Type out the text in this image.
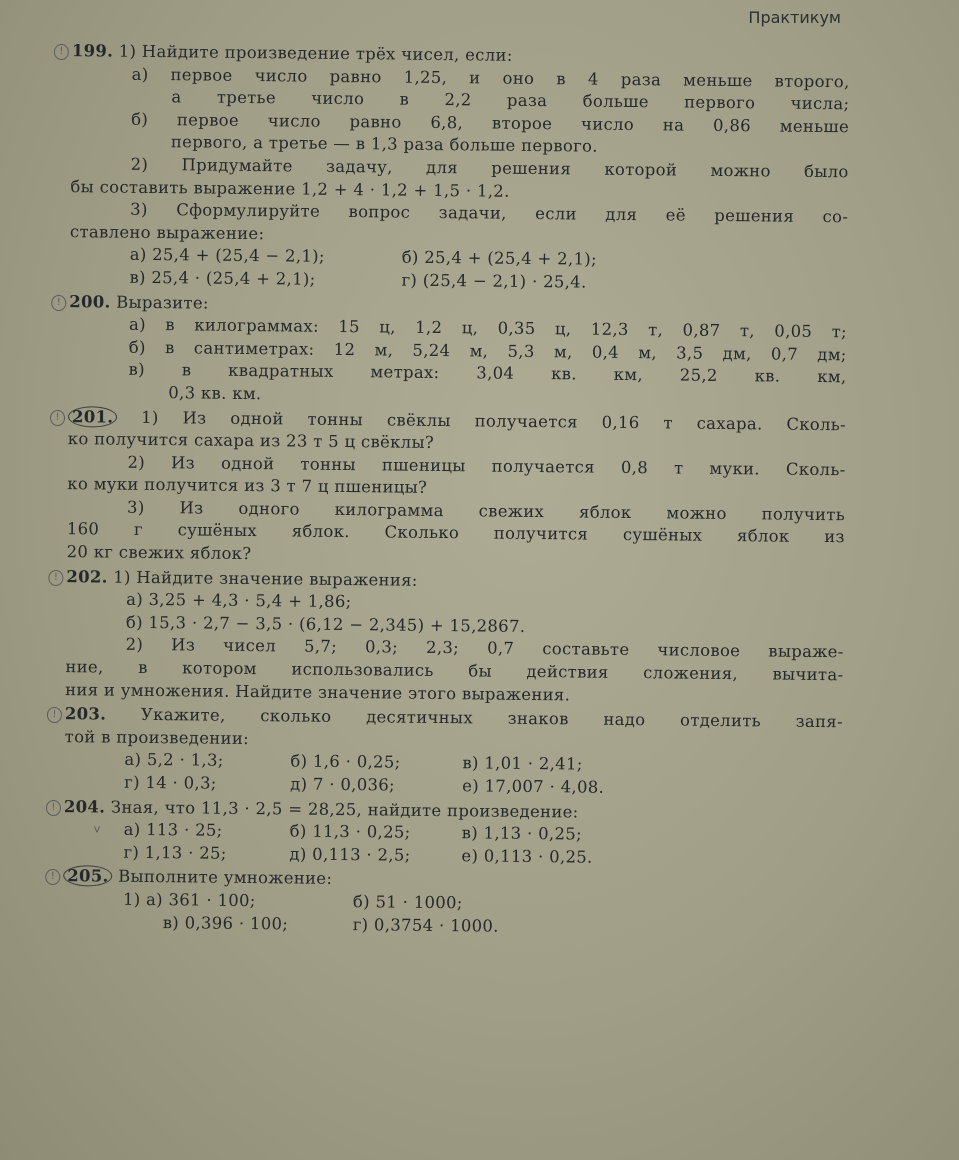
Практикум
! 199. 1) Найдите произведение трёх чисел, если:
а) первое число равно 1,25, и оно в 4 раза меньше второго,
а третье число в 2,2 раза больше первого числа;
б) первое число равно 6,8, второе число на 0,86 меньше
первого, а третье — в 1,3 раза больше первого.
2) Придумайте задачу, для решения которой можно было
бы составить выражение 1,2 + 4 · 1,2 + 1,5 · 1,2.
3) Сформулируйте вопрос задачи, если для её решения со-
ставлено выражение:
а) 25,4 + (25,4 − 2,1);	б) 25,4 + (25,4 + 2,1);
в) 25,4 · (25,4 + 2,1);	г) (25,4 − 2,1) · 25,4.
! 200. Выразите:
а) в килограммах: 15 ц, 1,2 ц, 0,35 ц, 12,3 т, 0,87 т, 0,05 т;
б) в сантиметрах: 12 м, 5,24 м, 5,3 м, 0,4 м, 3,5 дм, 0,7 дм;
в) в квадратных метрах: 3,04 кв. км, 25,2 кв. км,
0,3 кв. км.
! 201. 1) Из одной тонны свёклы получается 0,16 т сахара. Сколь-
ко получится сахара из 23 т 5 ц свёклы?
2) Из одной тонны пшеницы получается 0,8 т муки. Сколь-
ко муки получится из 3 т 7 ц пшеницы?
3) Из одного килограмма свежих яблок можно получить
160 г сушёных яблок. Сколько получится сушёных яблок из
20 кг свежих яблок?
! 202. 1) Найдите значение выражения:
а) 3,25 + 4,3 · 5,4 + 1,86;
б) 15,3 · 2,7 − 3,5 · (6,12 − 2,345) + 15,2867.
2) Из чисел 5,7; 0,3; 2,3; 0,7 составьте числовое выраже-
ние, в котором использовались бы действия сложения, вычита-
ния и умножения. Найдите значение этого выражения.
! 203. Укажите, сколько десятичных знаков надо отделить запя-
той в произведении:
а) 5,2 · 1,3;	б) 1,6 · 0,25;	в) 1,01 · 2,41;
г) 14 · 0,3;	д) 7 · 0,036;	е) 17,007 · 4,08.
! 204. Зная, что 11,3 · 2,5 = 28,25, найдите произведение:
v а) 113 · 25;	б) 11,3 · 0,25;	в) 1,13 · 0,25;
г) 1,13 · 25;	д) 0,113 · 2,5;	е) 0,113 · 0,25.
! 205. Выполните умножение:
1) а) 361 · 100;	б) 51 · 1000;
в) 0,396 · 100;	г) 0,3754 · 1000.
